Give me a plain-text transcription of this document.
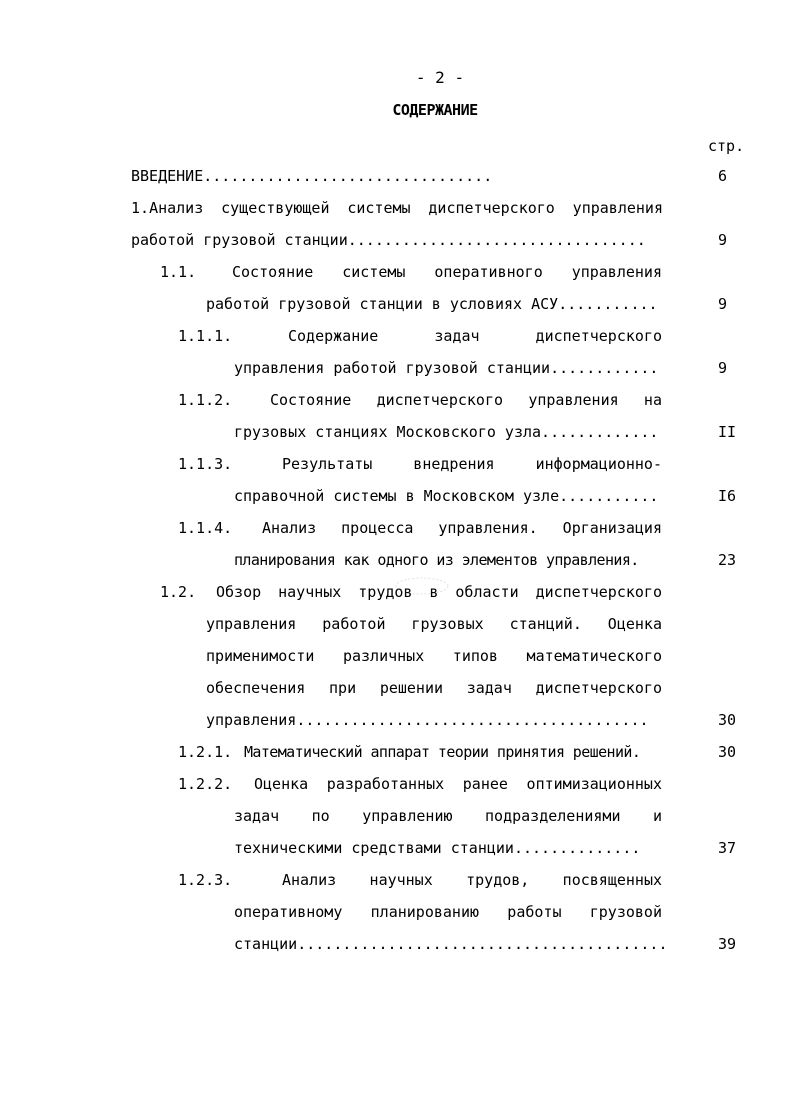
- 2 -
СОДЕРЖАНИЕ
стр.
ВВЕДЕНИЕ ................................	6
1. Анализ существующей системы диспетчерского управления
работой грузовой станции .................................	9
1.1.	Состояние системы оперативного управления
работой грузовой станции в условиях АСУ ...........	9
1.1.1.	Содержание задач диспетчерского
управления работой грузовой станции ............	9
1.1.2.	Состояние диспетчерского управления на
грузовых станциях Московского узла .............	II
1.1.3.	Результаты внедрения информационно-
справочной системы в Московском узле ...........	I6
1.1.4.	Анализ процесса управления. Организация
планирования как одного из элементов управления.	23
1.2.	Обзор научных трудов в области диспетчерского
управления работой грузовых станций. Оценка
применимости различных типов математического
обеспечения при решении задач диспетчерского
управления .......................................	30
1.2.1. Математический аппарат теории принятия решений.	30
1.2.2.	Оценка разработанных ранее оптимизационных
задач по управлению подразделениями и
техническими средствами станции ..............	37
1.2.3.	Анализ научных трудов, посвященных
оперативному планированию работы грузовой
станции .........................................	39
